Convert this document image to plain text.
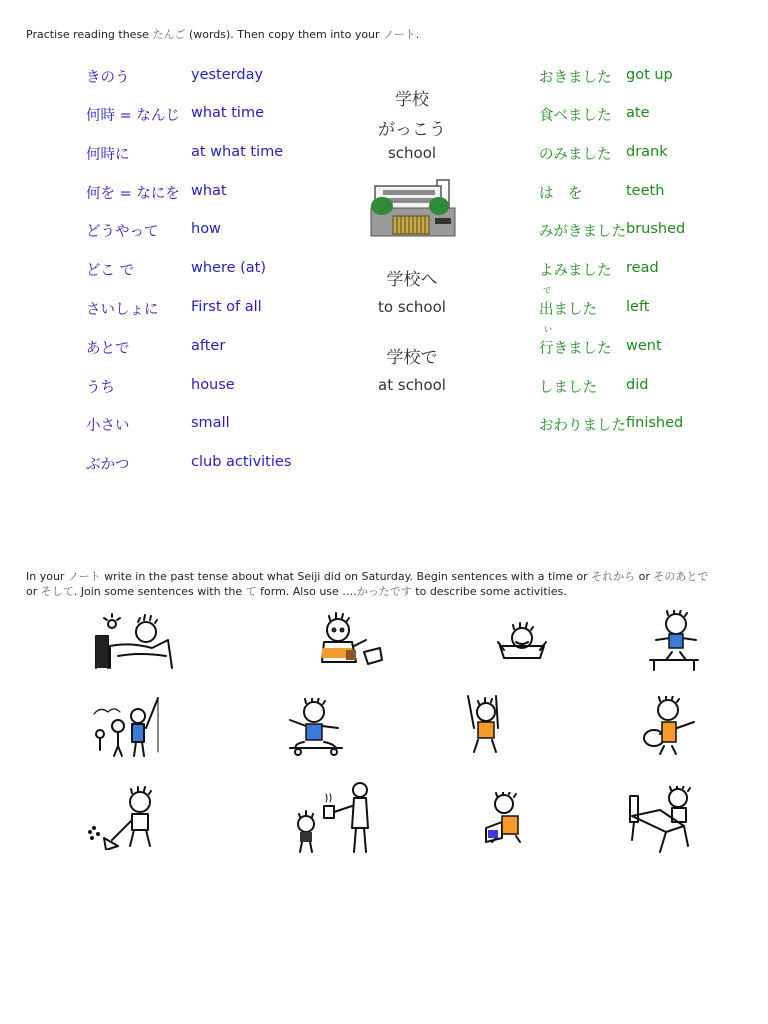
Practise reading these たんご (words). Then copy them into your ノート.
きのう	yesterday
何時 = なんじ what time
何時に	at what time
何を = なにを what
どうやって how
どこ で	where (at)
さいしょに First of all
あとで	after
うち	house
小さい	small
ぶかつ	club activities
学校
がっこう
school
学校へ
to school
学校で
at school
おきました got up
食べました ate
のみました drank
は　を	teeth
みがきました brushed
よみました read
で
出ました left
い
行きました went
しました did
おわりました finished
In your ノート write in the past tense about what Seiji did on Saturday. Begin sentences with a time or それから or そのあとで
or そして. Join some sentences with the て form. Also use ….かったです to describe some activities.
